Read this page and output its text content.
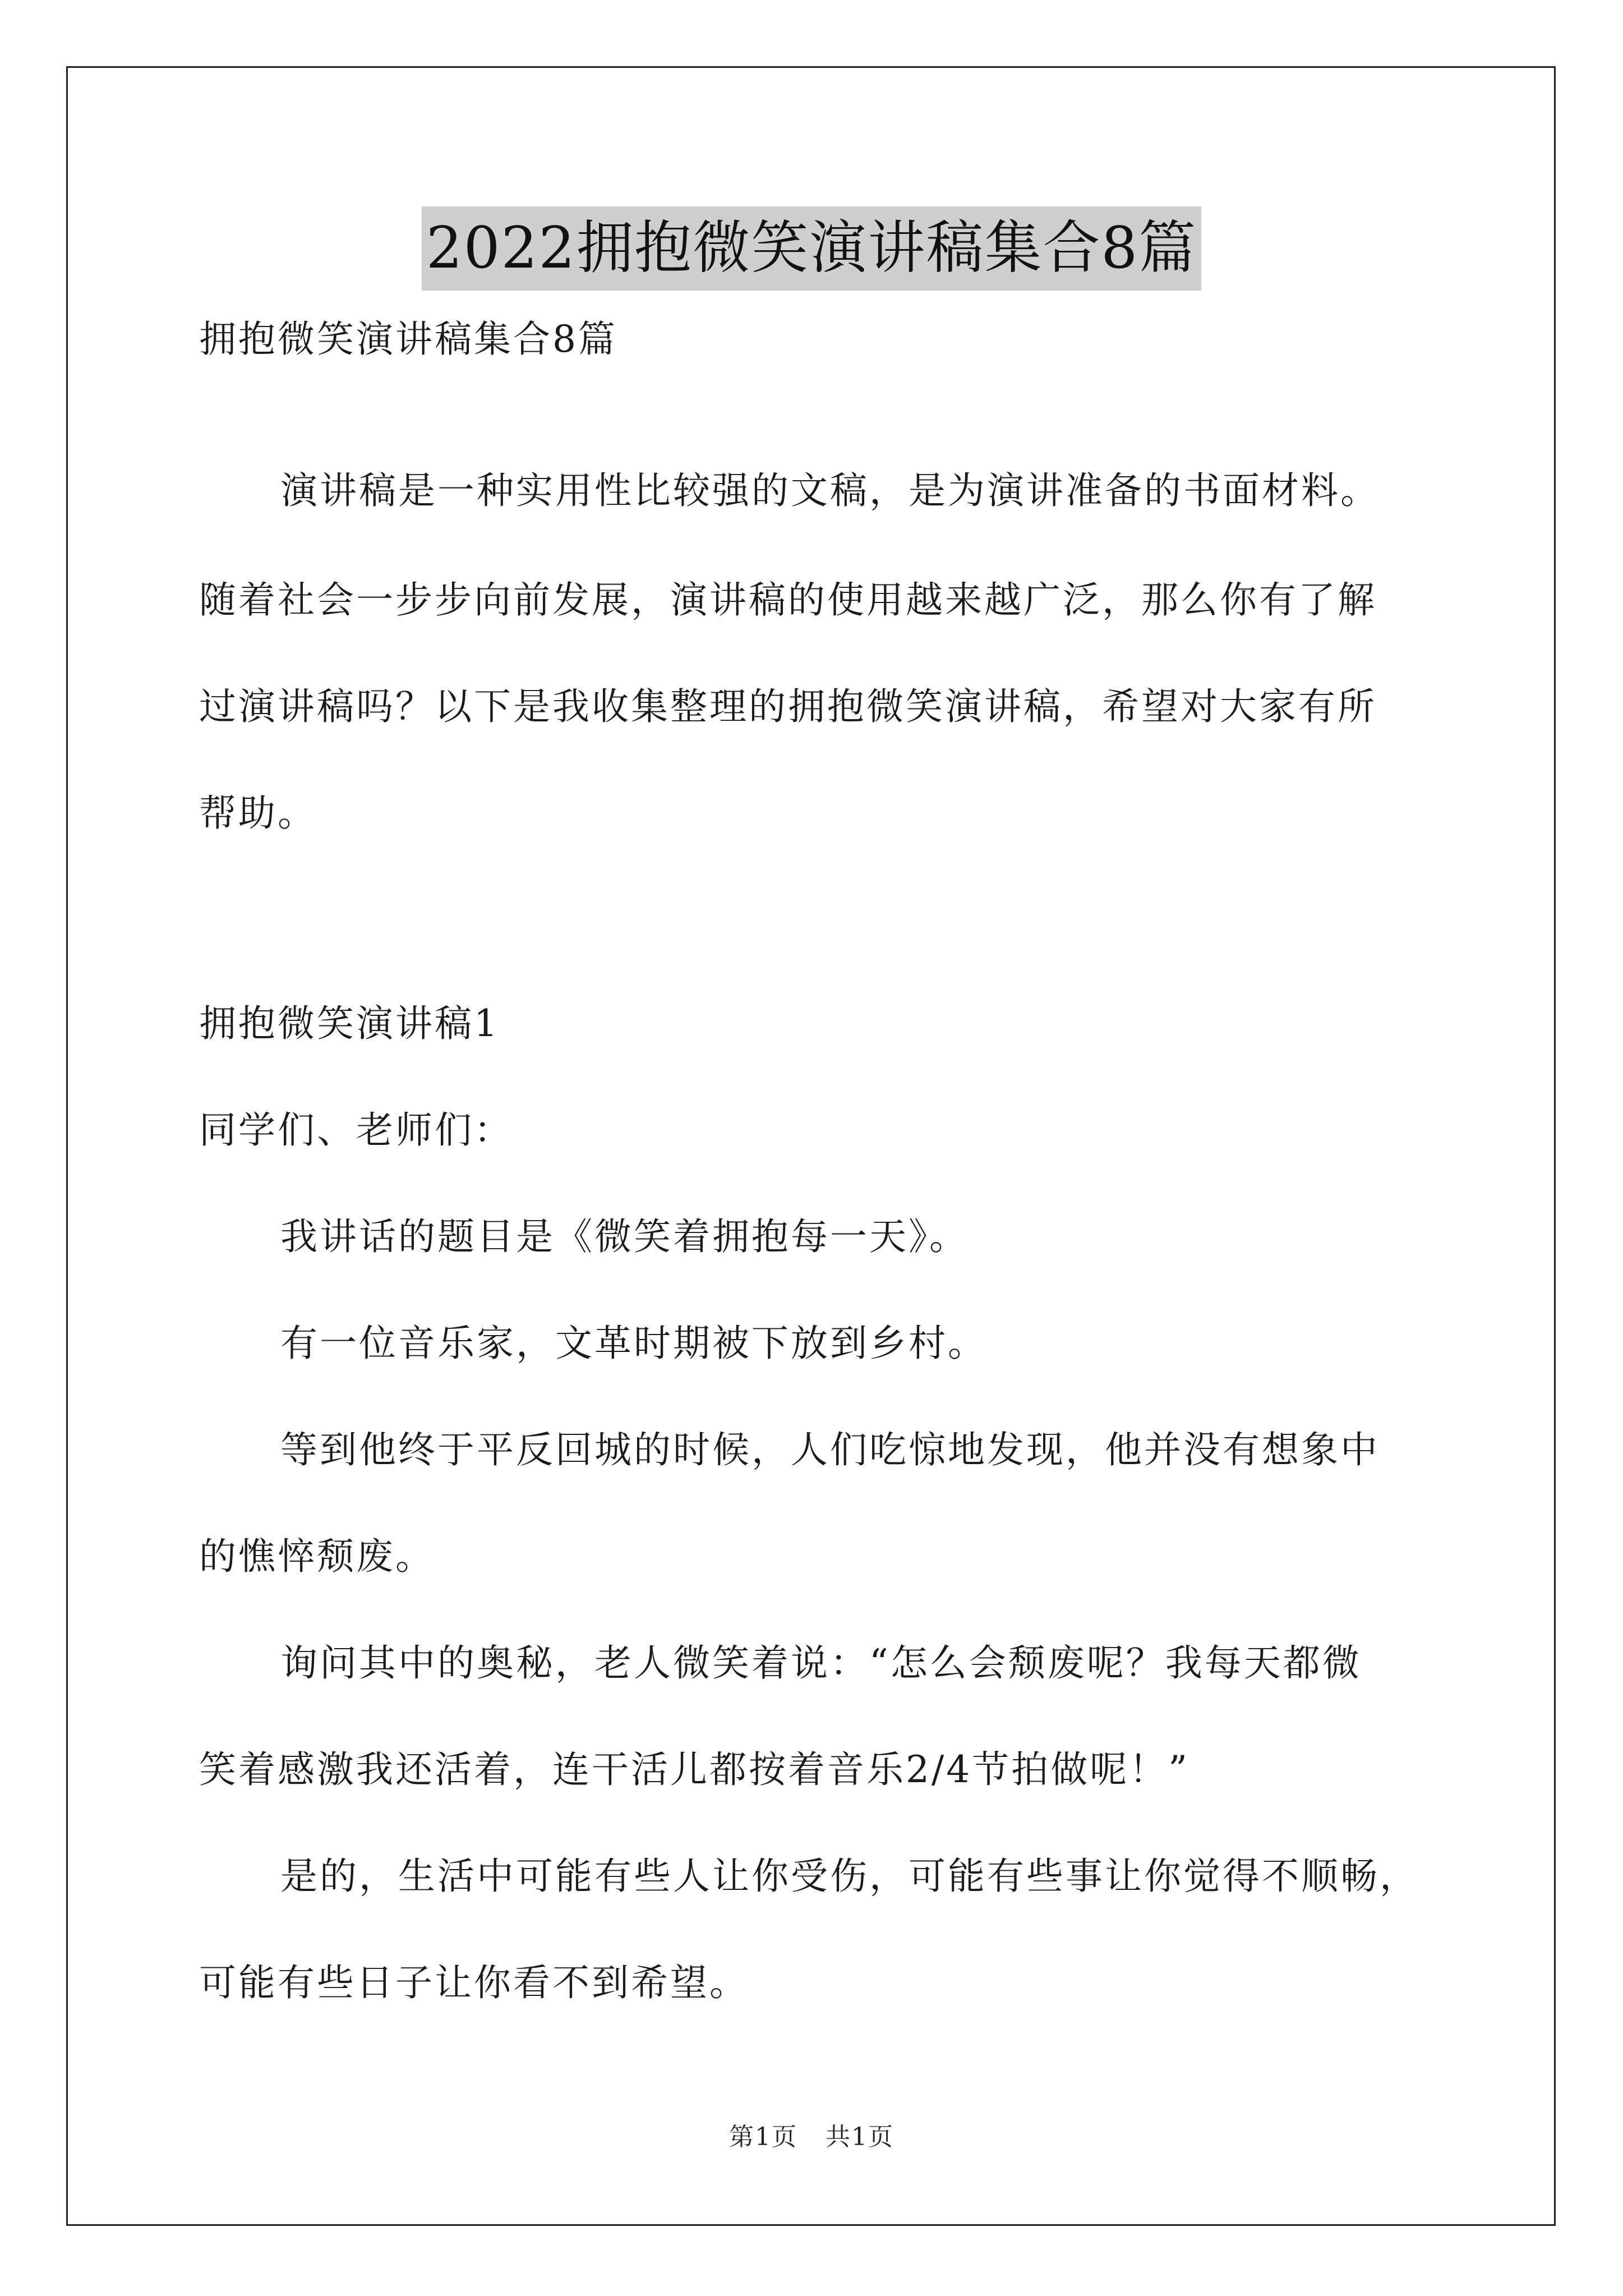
2022拥抱微笑演讲稿集合8篇
拥抱微笑演讲稿集合8篇
演讲稿是一种实用性比较强的文稿，是为演讲准备的书面材料。
随着社会一步步向前发展，演讲稿的使用越来越广泛，那么你有了解
过演讲稿吗？以下是我收集整理的拥抱微笑演讲稿，希望对大家有所
帮助。
拥抱微笑演讲稿1
同学们、老师们：
我讲话的题目是《微笑着拥抱每一天》。
有一位音乐家，文革时期被下放到乡村。
等到他终于平反回城的时候，人们吃惊地发现，他并没有想象中
的憔悴颓废。
询问其中的奥秘，老人微笑着说：“怎么会颓废呢？我每天都微
笑着感激我还活着，连干活儿都按着音乐2/4节拍做呢！”
是的，生活中可能有些人让你受伤，可能有些事让你觉得不顺畅，
可能有些日子让你看不到希望。
第1页 共1页
